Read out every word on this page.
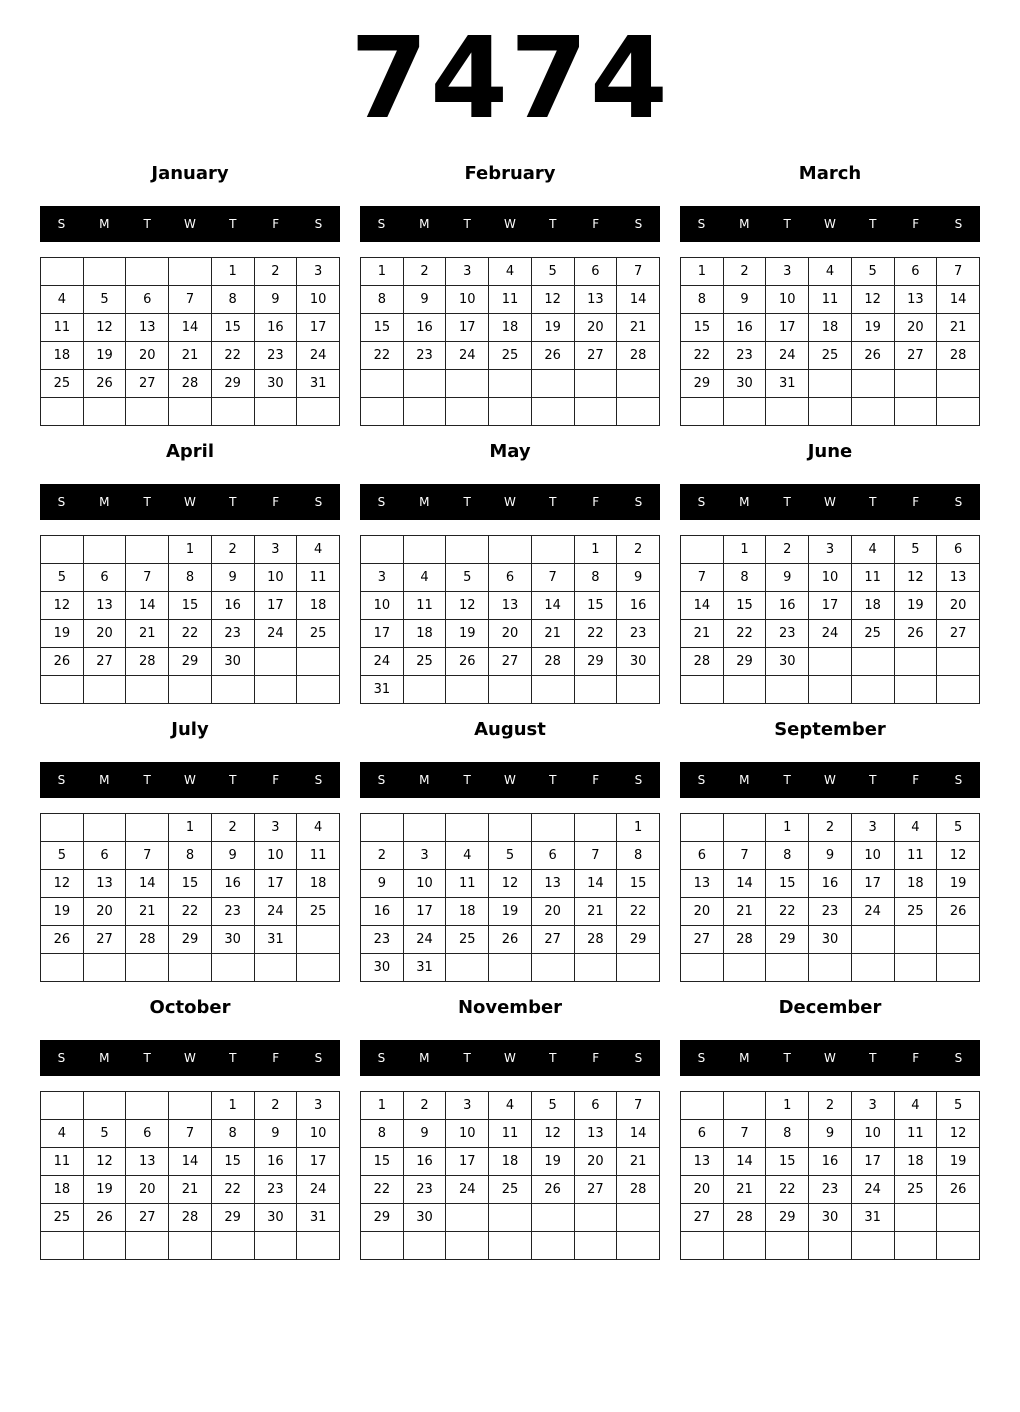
7474
January
S	M	T	W	T	F	S
				1	2	3
4	5	6	7	8	9	10
11	12	13	14	15	16	17
18	19	20	21	22	23	24
25	26	27	28	29	30	31

February
S	M	T	W	T	F	S
1	2	3	4	5	6	7
8	9	10	11	12	13	14
15	16	17	18	19	20	21
22	23	24	25	26	27	28

March
S	M	T	W	T	F	S
1	2	3	4	5	6	7
8	9	10	11	12	13	14
15	16	17	18	19	20	21
22	23	24	25	26	27	28
29	30	31				

April
S	M	T	W	T	F	S
			1	2	3	4
5	6	7	8	9	10	11
12	13	14	15	16	17	18
19	20	21	22	23	24	25
26	27	28	29	30		

May
S	M	T	W	T	F	S
					1	2
3	4	5	6	7	8	9
10	11	12	13	14	15	16
17	18	19	20	21	22	23
24	25	26	27	28	29	30
31						
June
S	M	T	W	T	F	S
	1	2	3	4	5	6
7	8	9	10	11	12	13
14	15	16	17	18	19	20
21	22	23	24	25	26	27
28	29	30				

July
S	M	T	W	T	F	S
			1	2	3	4
5	6	7	8	9	10	11
12	13	14	15	16	17	18
19	20	21	22	23	24	25
26	27	28	29	30	31	

August
S	M	T	W	T	F	S
						1
2	3	4	5	6	7	8
9	10	11	12	13	14	15
16	17	18	19	20	21	22
23	24	25	26	27	28	29
30	31					
September
S	M	T	W	T	F	S
		1	2	3	4	5
6	7	8	9	10	11	12
13	14	15	16	17	18	19
20	21	22	23	24	25	26
27	28	29	30			

October
S	M	T	W	T	F	S
				1	2	3
4	5	6	7	8	9	10
11	12	13	14	15	16	17
18	19	20	21	22	23	24
25	26	27	28	29	30	31

November
S	M	T	W	T	F	S
1	2	3	4	5	6	7
8	9	10	11	12	13	14
15	16	17	18	19	20	21
22	23	24	25	26	27	28
29	30					

December
S	M	T	W	T	F	S
		1	2	3	4	5
6	7	8	9	10	11	12
13	14	15	16	17	18	19
20	21	22	23	24	25	26
27	28	29	30	31		
